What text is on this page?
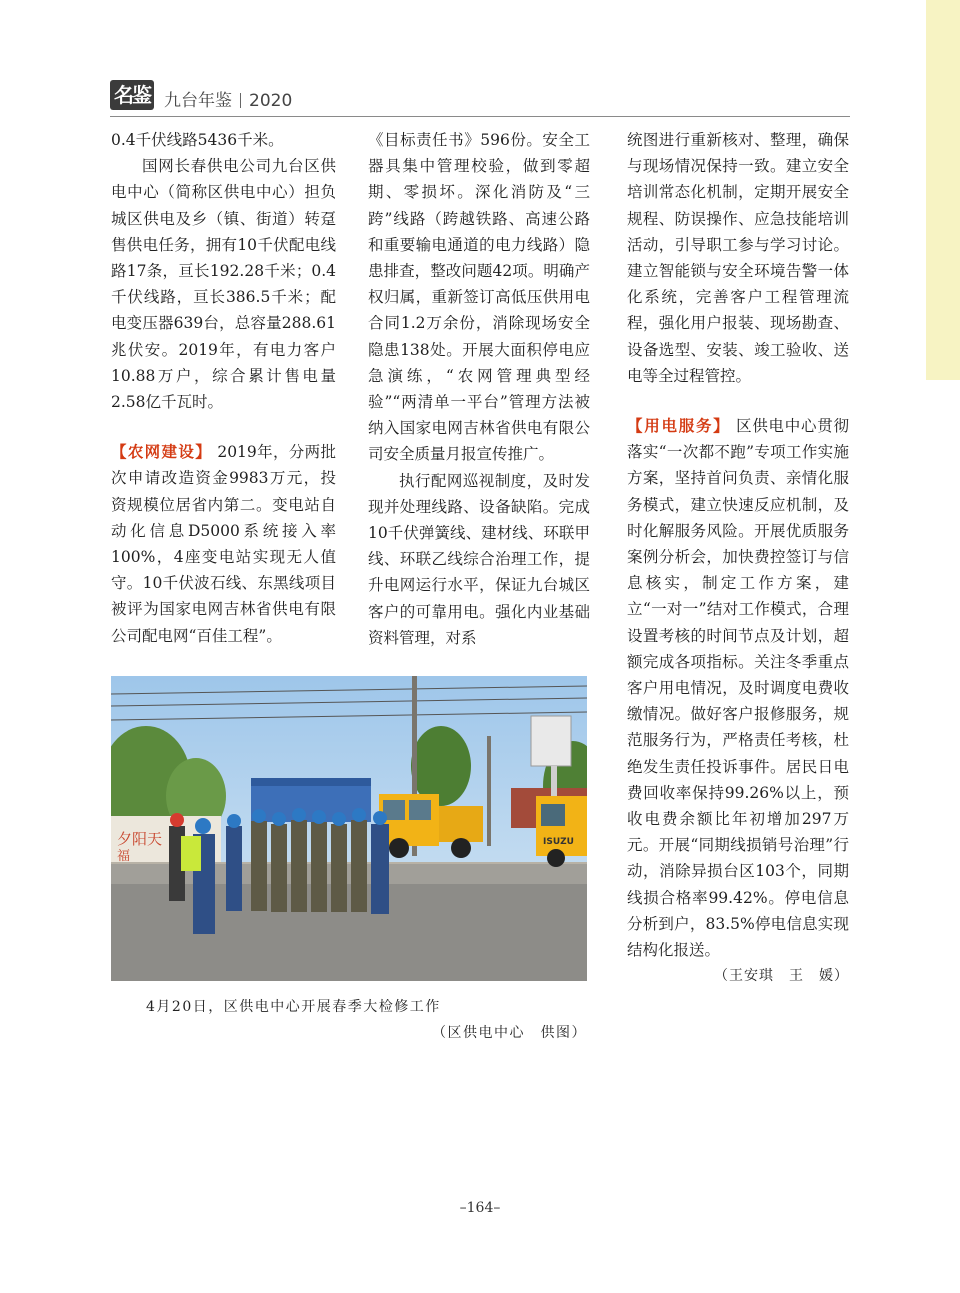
名鉴 九台年鉴 2020

0.4千伏线路5436千米。

国网长春供电公司九台区供电中心（简称区供电中心）担负城区供电及乡（镇、街道）转趸售供电任务，拥有10千伏配电线路17条，亘长192.28千米；0.4千伏线路，亘长386.5千米；配电变压器639台，总容量288.61兆伏安。2019年，有电力客户10.88万户，综合累计售电量2.58亿千瓦时。

【农网建设】 2019年，分两批次申请改造资金9983万元，投资规模位居省内第二。变电站自动化信息D5000系统接入率100%，4座变电站实现无人值守。10千伏波石线、东黑线项目被评为国家电网吉林省供电有限公司配电网“百佳工程”。

《目标责任书》596份。安全工器具集中管理校验，做到零超期、零损坏。深化消防及“三跨”线路（跨越铁路、高速公路和重要输电通道的电力线路）隐患排查，整改问题42项。明确产权归属，重新签订高低压供用电合同1.2万余份，消除现场安全隐患138处。开展大面积停电应急演练，“农网管理典型经验”“两清单一平台”管理方法被纳入国家电网吉林省供电有限公司安全质量月报宣传推广。

执行配网巡视制度，及时发现并处理线路、设备缺陷。完成10千伏弹簧线、建材线、环联甲线、环联乙线综合治理工作，提升电网运行水平，保证九台城区客户的可靠用电。强化内业基础资料管理，对系

统图进行重新核对、整理，确保与现场情况保持一致。建立安全培训常态化机制，定期开展安全规程、防误操作、应急技能培训活动，引导职工参与学习讨论。建立智能锁与安全环境告警一体化系统，完善客户工程管理流程，强化用户报装、现场勘查、设备选型、安装、竣工验收、送电等全过程管控。

【用电服务】 区供电中心贯彻落实“一次都不跑”专项工作实施方案，坚持首问负责、亲情化服务模式，建立快速反应机制，及时化解服务风险。开展优质服务案例分析会，加快费控签订与信息核实，制定工作方案，建立“一对一”结对工作模式，合理设置考核的时间节点及计划，超额完成各项指标。关注冬季重点客户用电情况，及时调度电费收缴情况。做好客户报修服务，规范服务行为，严格责任考核，杜绝发生责任投诉事件。居民日电费回收率保持99.26%以上，预收电费余额比年初增加297万元。开展“同期线损销号治理”行动，消除异损台区103个，同期线损合格率99.42%。停电信息分析到户，83.5%停电信息实现结构化报送。

（王安琪　王　媛）

夕阳天
福
ISUZU
4月20日，区供电中心开展春季大检修工作
（区供电中心　供图）
–164–
